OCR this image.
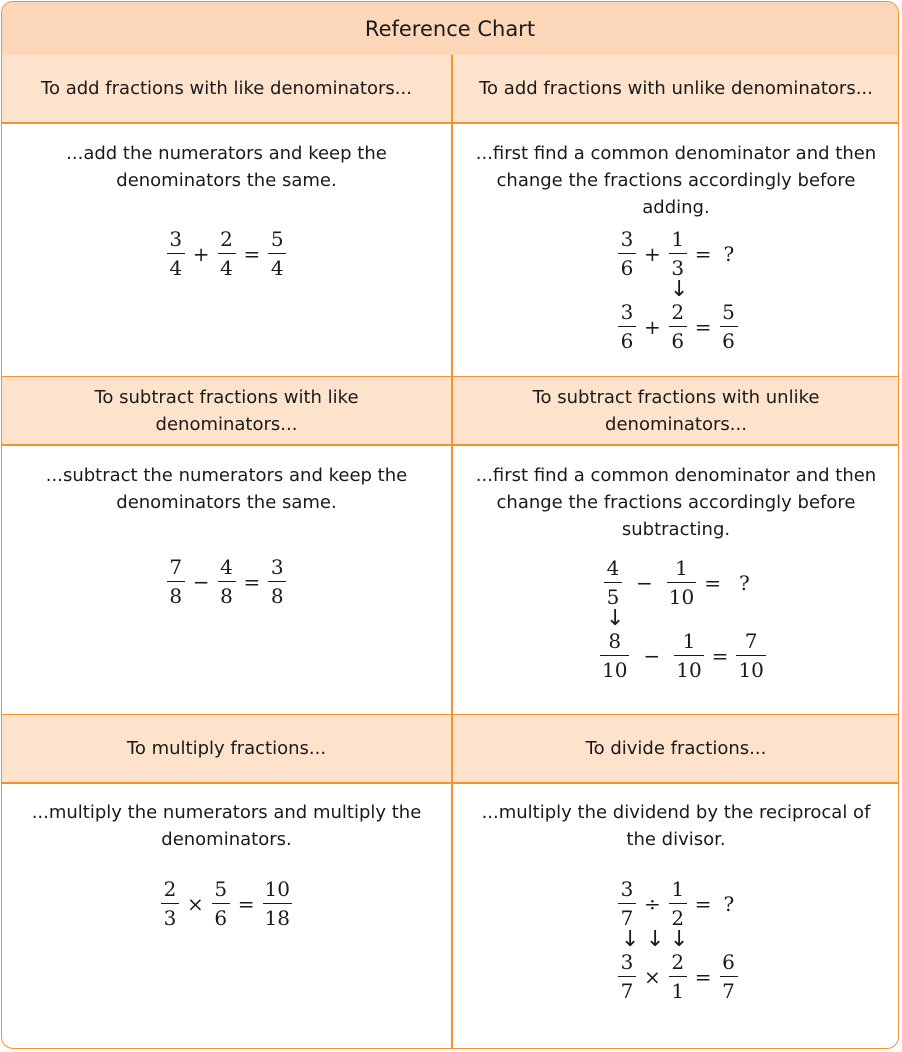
Reference Chart
To add fractions with like denominators...	To add fractions with unlike denominators...
...add the numerators and keep the denominators the same.
$\frac{3}{4} + \frac{2}{4} = \frac{5}{4}$
...first find a common denominator and then change the fractions accordingly before adding.
$\frac{3}{6} + \frac{1}{3}$ = ?
↓
$\frac{3}{6} + \frac{2}{6} = \frac{5}{6}$
To subtract fractions with like denominators...
To subtract fractions with unlike denominators...
...subtract the numerators and keep the denominators the same.
$\frac{7}{8} - \frac{4}{8} = \frac{3}{8}$
...first find a common denominator and then change the fractions accordingly before subtracting.
$\frac{4}{5} - \frac{1}{10}$ = ?
↓
$\frac{8}{10} - \frac{1}{10} = \frac{7}{10}$
To multiply fractions...	To divide fractions...
...multiply the numerators and multiply the denominators.
$\frac{2}{3} \times \frac{5}{6} = \frac{10}{18}$
...multiply the dividend by the reciprocal of the divisor.
$\frac{3}{7} \div \frac{1}{2}$ = ?
↓ ↓ ↓
$\frac{3}{7} \times \frac{2}{1} = \frac{6}{7}$
